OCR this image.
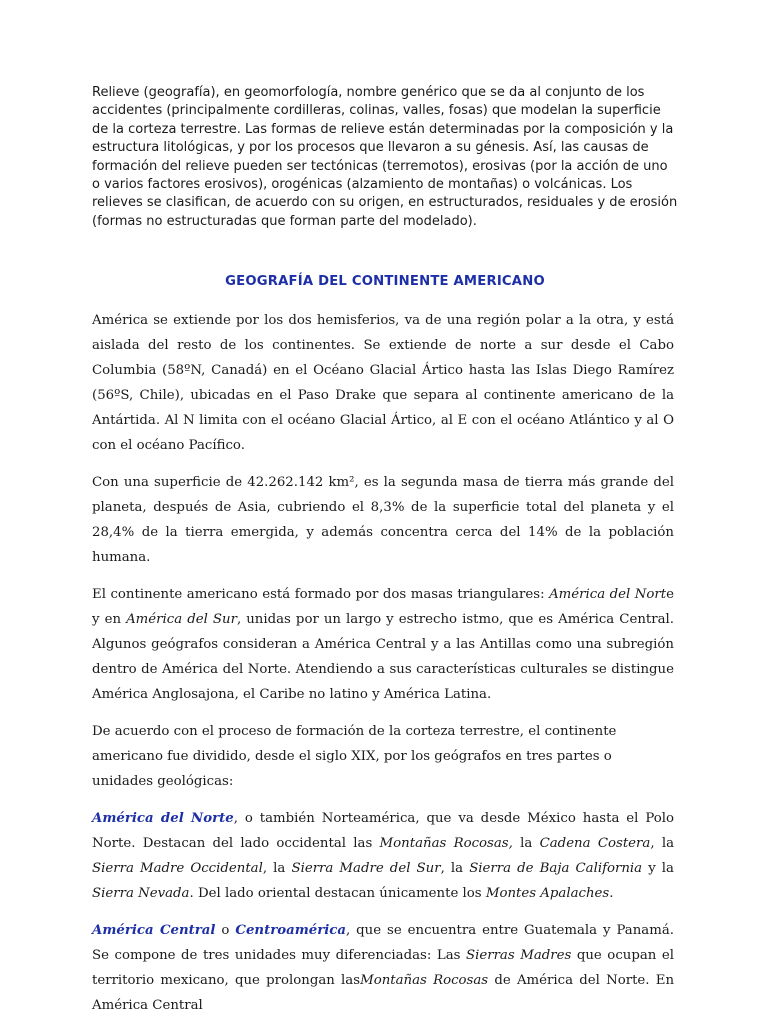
Relieve (geografía), en geomorfología, nombre genérico que se da al conjunto de los accidentes (principalmente cordilleras, colinas, valles, fosas) que modelan la superficie de la corteza terrestre. Las formas de relieve están determinadas por la composición y la estructura litológicas, y por los procesos que llevaron a su génesis. Así, las causas de formación del relieve pueden ser tectónicas (terremotos), erosivas (por la acción de uno o varios factores erosivos), orogénicas (alzamiento de montañas) o volcánicas. Los relieves se clasifican, de acuerdo con su origen, en estructurados, residuales y de erosión (formas no estructuradas que forman parte del modelado).

GEOGRAFÍA DEL CONTINENTE AMERICANO

América se extiende por los dos hemisferios, va de una región polar a la otra, y está aislada del resto de los continentes. Se extiende de norte a sur desde el Cabo Columbia (58ºN, Canadá) en el Océano Glacial Ártico hasta las Islas Diego Ramírez (56ºS, Chile), ubicadas en el Paso Drake que separa al continente americano de la Antártida. Al N limita con el océano Glacial Ártico, al E con el océano Atlántico y al O con el océano Pacífico.

Con una superficie de 42.262.142 km², es la segunda masa de tierra más grande del planeta, después de Asia, cubriendo el 8,3% de la superficie total del planeta y el 28,4% de la tierra emergida, y además concentra cerca del 14% de la población humana.

El continente americano está formado por dos masas triangulares: América del Norte y en América del Sur, unidas por un largo y estrecho istmo, que es América Central. Algunos geógrafos consideran a América Central y a las Antillas como una subregión dentro de América del Norte. Atendiendo a sus características culturales se distingue América Anglosajona, el Caribe no latino y América Latina.

De acuerdo con el proceso de formación de la corteza terrestre, el continente americano fue dividido, desde el siglo XIX, por los geógrafos en tres partes o unidades geológicas:

América del Norte, o también Norteamérica, que va desde México hasta el Polo Norte. Destacan del lado occidental las Montañas Rocosas, la Cadena Costera, la Sierra Madre Occidental, la Sierra Madre del Sur, la Sierra de Baja California y la Sierra Nevada. Del lado oriental destacan únicamente los Montes Apalaches.

América Central o Centroamérica, que se encuentra entre Guatemala y Panamá. Se compone de tres unidades muy diferenciadas: Las Sierras Madres que ocupan el territorio mexicano, que prolongan lasMontañas Rocosas de América del Norte. En América Central
